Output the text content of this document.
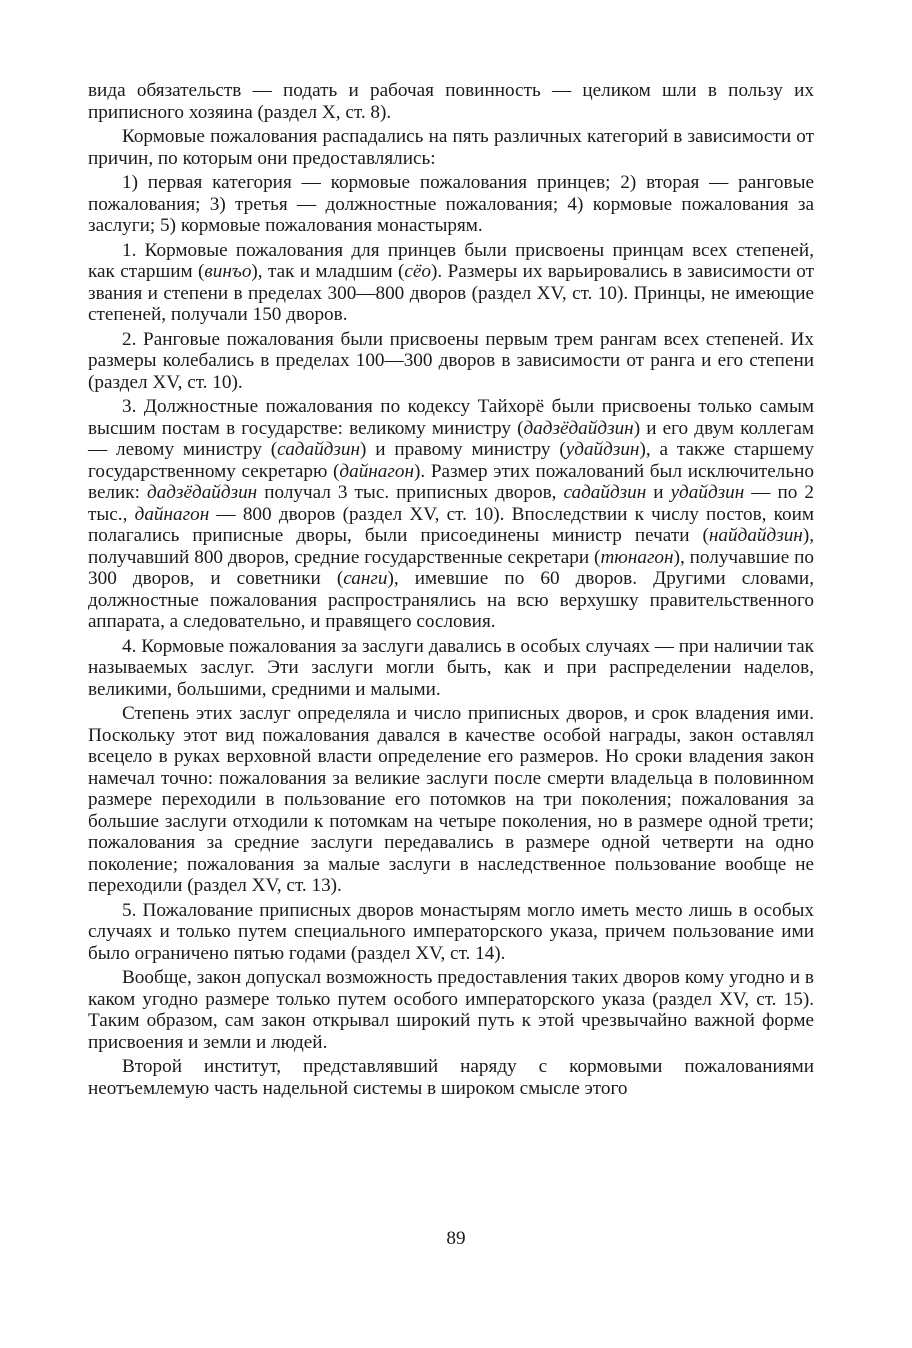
вида обязательств — подать и рабочая повинность — целиком шли в пользу их приписного хозяина (раздел X, ст. 8).

Кормовые пожалования распадались на пять различных категорий в зависимости от причин, по которым они предоставлялись:

1) первая категория — кормовые пожалования принцев; 2) вторая — ранговые пожалования; 3) третья — должностные пожалования; 4) кормовые пожалования за заслуги; 5) кормовые пожалования монастырям.

1. Кормовые пожалования для принцев были присвоены принцам всех степеней, как старшим (винъо), так и младшим (сёо). Размеры их варьировались в зависимости от звания и степени в пределах 300—800 дворов (раздел XV, ст. 10). Принцы, не имеющие степеней, получали 150 дворов.

2. Ранговые пожалования были присвоены первым трем рангам всех степеней. Их размеры колебались в пределах 100—300 дворов в зависимости от ранга и его степени (раздел XV, ст. 10).

3. Должностные пожалования по кодексу Тайхорё были присвоены только самым высшим постам в государстве: великому министру (дадзёдайдзин) и его двум коллегам — левому министру (садайдзин) и правому министру (удайдзин), а также старшему государственному секретарю (дайнагон). Размер этих пожалований был исключительно велик: дадзёдайдзин получал 3 тыс. приписных дворов, садайдзин и удайдзин — по 2 тыс., дайнагон — 800 дворов (раздел XV, ст. 10). Впоследствии к числу постов, коим полагались приписные дворы, были присоединены министр печати (найдайдзин), получавший 800 дворов, средние государственные секретари (тюнагон), получавшие по 300 дворов, и советники (санги), имевшие по 60 дворов. Другими словами, должностные пожалования распространялись на всю верхушку правительственного аппарата, а следовательно, и правящего сословия.

4. Кормовые пожалования за заслуги давались в особых случаях — при наличии так называемых заслуг. Эти заслуги могли быть, как и при распределении наделов, великими, большими, средними и малыми.

Степень этих заслуг определяла и число приписных дворов, и срок владения ими. Поскольку этот вид пожалования давался в качестве особой награды, закон оставлял всецело в руках верховной власти определение его размеров. Но сроки владения закон намечал точно: пожалования за великие заслуги после смерти владельца в половинном размере переходили в пользование его потомков на три поколения; пожалования за большие заслуги отходили к потомкам на четыре поколения, но в размере одной трети; пожалования за средние заслуги передавались в размере одной четверти на одно поколение; пожалования за малые заслуги в наследственное пользование вообще не переходили (раздел XV, ст. 13).

5. Пожалование приписных дворов монастырям могло иметь место лишь в особых случаях и только путем специального императорского указа, причем пользование ими было ограничено пятью годами (раздел XV, ст. 14).

Вообще, закон допускал возможность предоставления таких дворов кому угодно и в каком угодно размере только путем особого императорского указа (раздел XV, ст. 15). Таким образом, сам закон открывал широкий путь к этой чрезвычайно важной форме присвоения и земли и людей.

Второй институт, представлявший наряду с кормовыми пожалованиями неотъемлемую часть надельной системы в широком смысле этого

89
